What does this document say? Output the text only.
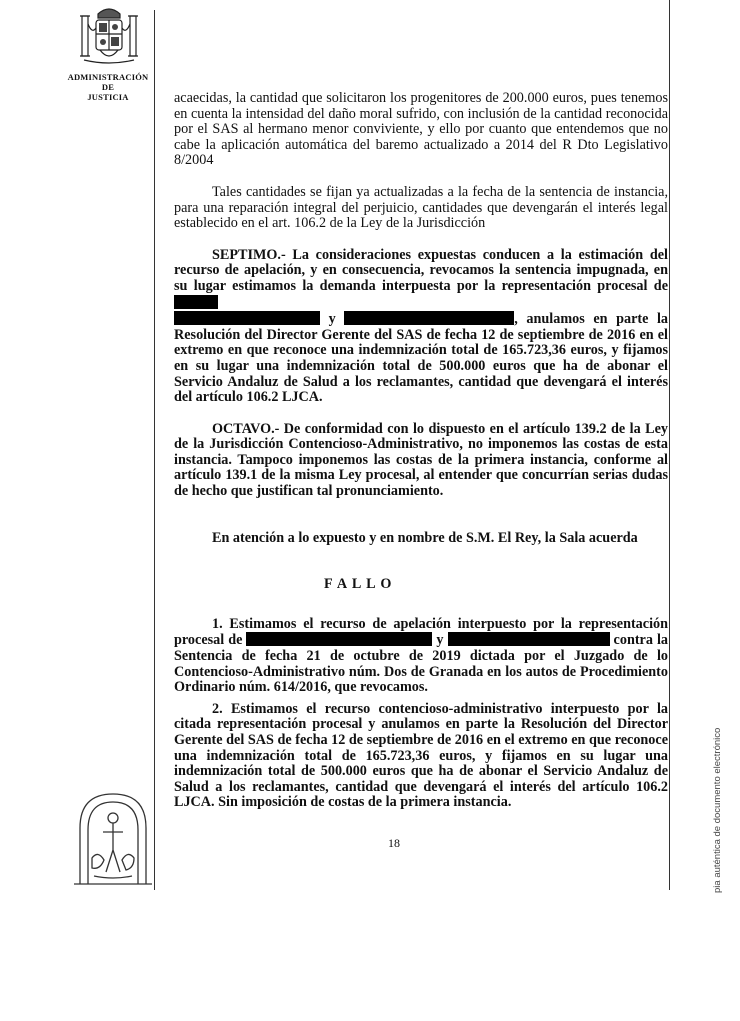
ADMINISTRACIÓN
DE
JUSTICIA	acaecidas, la cantidad que solicitaron los progenitores de 200.000 euros, pues tenemos en cuenta la intensidad del daño moral sufrido, con inclusión de la cantidad reconocida por el SAS al hermano menor conviviente, y ello por cuanto que entendemos que no cabe la aplicación automática del baremo actualizado a 2014 del R Dto Legislativo 8/2004

Tales cantidades se fijan ya actualizadas a la fecha de la sentencia de instancia, para una reparación integral del perjuicio, cantidades que devengarán el interés legal establecido en el art. 106.2 de la Ley de la Jurisdicción

SEPTIMO.- La consideraciones expuestas conducen a la estimación del recurso de apelación, y en consecuencia, revocamos la sentencia impugnada, en su lugar estimamos la demanda interpuesta por la representación procesal de

y	, anulamos en parte la

Resolución del Director Gerente del SAS de fecha 12 de septiembre de 2016 en el extremo en que reconoce una indemnización total de 165.723,36 euros, y fijamos en su lugar una indemnización total de 500.000 euros que ha de abonar el Servicio Andaluz de Salud a los reclamantes, cantidad que devengará el interés del artículo 106.2 LJCA.

OCTAVO.- De conformidad con lo dispuesto en el artículo 139.2 de la Ley de la Jurisdicción Contencioso-Administrativo, no imponemos las costas de esta instancia. Tampoco imponemos las costas de la primera instancia, conforme al artículo 139.1 de la misma Ley procesal, al entender que concurrían serias dudas de hecho que justifican tal pronunciamiento.

En atención a lo expuesto y en nombre de S.M. El Rey, la Sala acuerda

F A L L O

1. Estimamos el recurso de apelación interpuesto por la representación

procesal de	y	contra la

Sentencia de fecha 21 de octubre de 2019 dictada por el Juzgado de lo Contencioso-Administrativo núm. Dos de Granada en los autos de Procedimiento Ordinario núm. 614/2016, que revocamos.

2. Estimamos el recurso contencioso-administrativo interpuesto por la citada representación procesal y anulamos en parte la Resolución del Director Gerente del SAS de fecha 12 de septiembre de 2016 en el extremo en que reconoce una indemnización total de 165.723,36 euros, y fijamos en su lugar una indemnización total de 500.000 euros que ha de abonar el Servicio Andaluz de Salud a los reclamantes, cantidad que devengará el interés del artículo 106.2 LJCA. Sin imposición de costas de la primera instancia.

18	pia auténtica de documento electrónico
